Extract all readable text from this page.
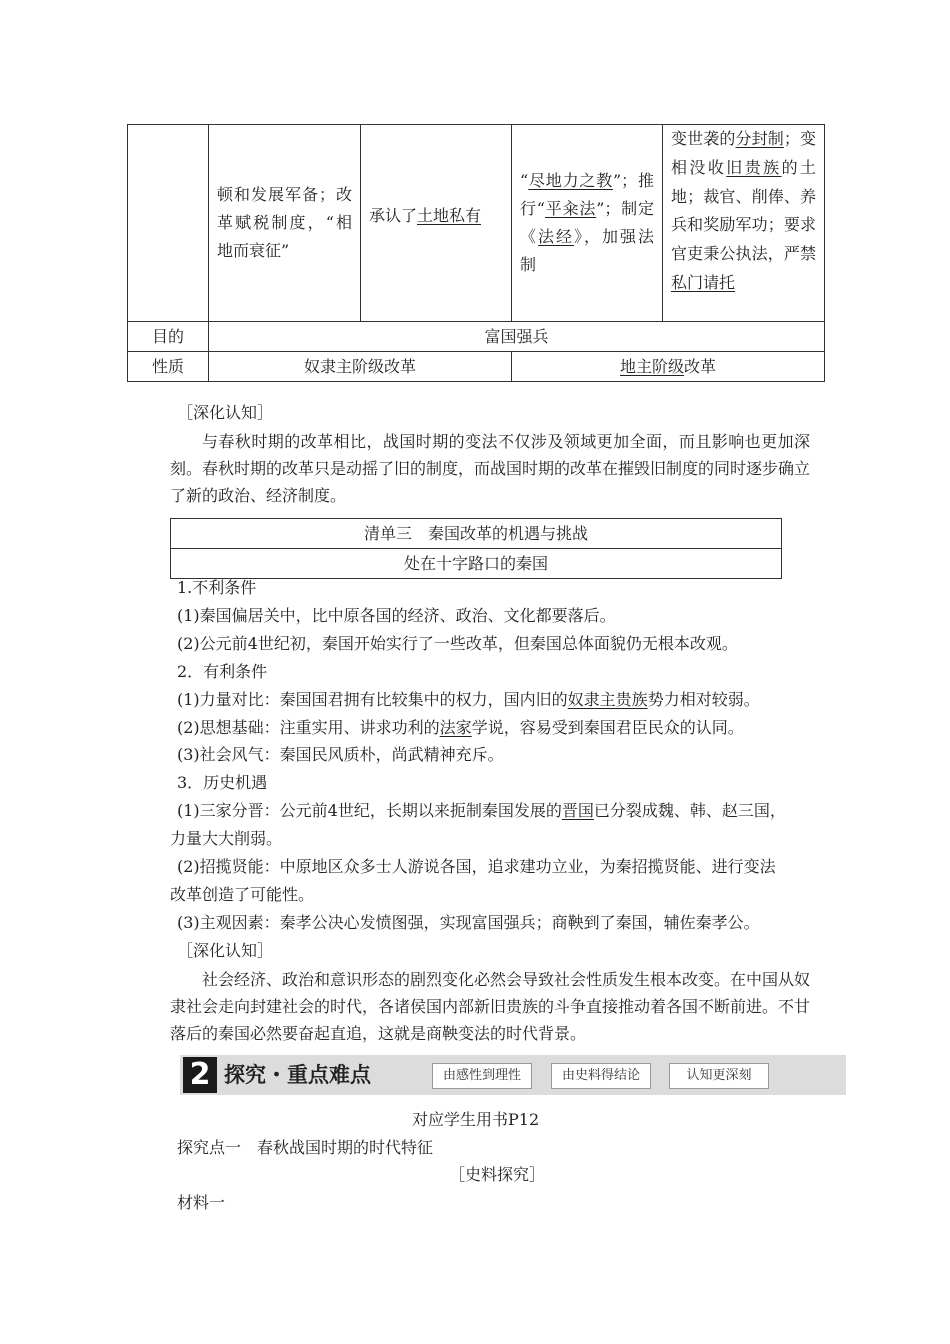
	顿和发展军备；改革赋税制度，“相地而衰征”	承认了土地私有	“尽地力之教”；推行“平籴法”；制定《法经》，加强法制	变世袭的分封制；变相没收旧贵族的土地；裁官、削俸、养兵和奖励军功；要求官吏秉公执法，严禁私门请托
目的	富国强兵			
性质	奴隶主阶级改革		地主阶级改革	
［深化认知］
与春秋时期的改革相比，战国时期的变法不仅涉及领域更加全面，而且影响也更加深刻。春秋时期的改革只是动摇了旧的制度，而战国时期的改革在摧毁旧制度的同时逐步确立了新的政治、经济制度。
清单三　秦国改革的机遇与挑战
处在十字路口的秦国
1.不利条件
(1)秦国偏居关中，比中原各国的经济、政治、文化都要落后。
(2)公元前4世纪初，秦国开始实行了一些改革，但秦国总体面貌仍无根本改观。
2．有利条件
(1)力量对比：秦国国君拥有比较集中的权力，国内旧的奴隶主贵族势力相对较弱。
(2)思想基础：注重实用、讲求功利的法家学说，容易受到秦国君臣民众的认同。
(3)社会风气：秦国民风质朴，尚武精神充斥。
3．历史机遇
(1)三家分晋：公元前4世纪，长期以来扼制秦国发展的晋国已分裂成魏、韩、赵三国，
力量大大削弱。
(2)招揽贤能：中原地区众多士人游说各国，追求建功立业，为秦招揽贤能、进行变法
改革创造了可能性。
(3)主观因素：秦孝公决心发愤图强，实现富国强兵；商鞅到了秦国，辅佐秦孝公。
［深化认知］
社会经济、政治和意识形态的剧烈变化必然会导致社会性质发生根本改变。在中国从奴隶社会走向封建社会的时代，各诸侯国内部新旧贵族的斗争直接推动着各国不断前进。不甘落后的秦国必然要奋起直追，这就是商鞅变法的时代背景。
2 探究・重点难点	由感性到理性	由史料得结论	认知更深刻
对应学生用书P12
探究点一　春秋战国时期的时代特征
［史料探究］
材料一
